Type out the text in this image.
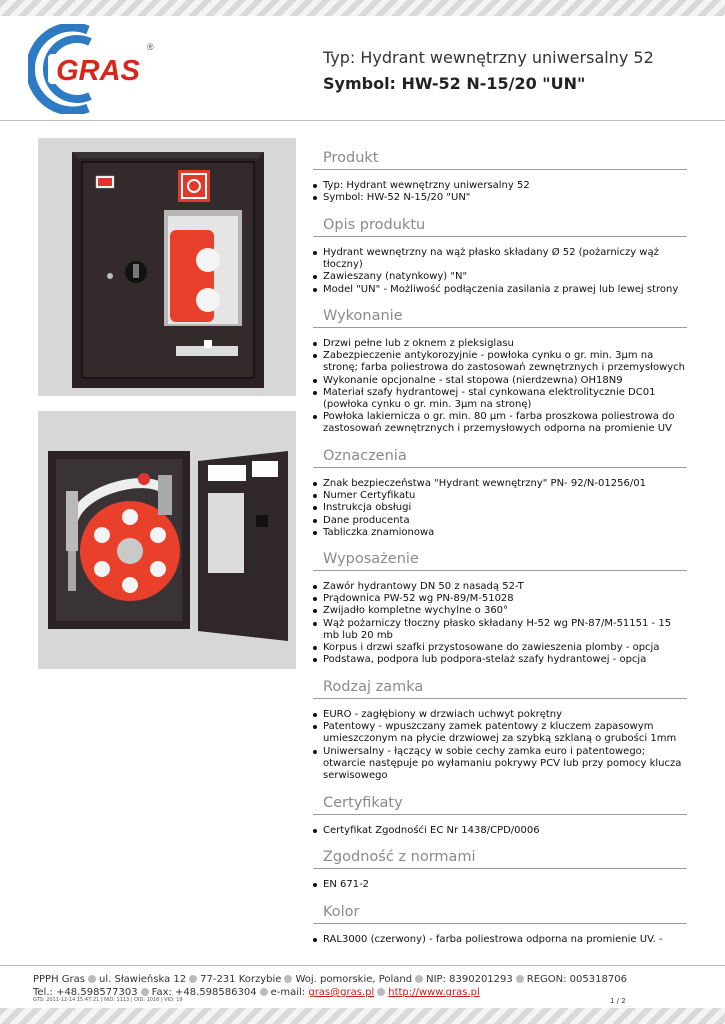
GRAS
®
Typ: Hydrant wewnętrzny uniwersalny 52
Symbol: HW-52 N-15/20 "UN"
Produkt
Typ: Hydrant wewnętrzny uniwersalny 52
Symbol: HW-52 N-15/20 "UN"
Opis produktu
Hydrant wewnętrzny na wąż płasko składany Ø 52 (pożarniczy wąż tłoczny)
Zawieszany (natynkowy) "N"
Model "UN" - Możliwość podłączenia zasilania z prawej lub lewej strony
Wykonanie
Drzwi pełne lub z oknem z pleksiglasu
Zabezpieczenie antykorozyjnie - powłoka cynku o gr. min. 3µm na stronę; farba poliestrowa do zastosowań zewnętrznych i przemysłowych
Wykonanie opcjonalne - stal stopowa (nierdzewna) OH18N9
Materiał szafy hydrantowej - stal cynkowana elektrolitycznie DC01 (powłoka cynku o gr. min. 3µm na stronę)
Powłoka lakiernicza o gr. min. 80 µm - farba proszkowa poliestrowa do zastosowań zewnętrznych i przemysłowych odporna na promienie UV
Oznaczenia
Znak bezpieczeństwa "Hydrant wewnętrzny" PN- 92/N-01256/01
Numer Certyfikatu
Instrukcja obsługi
Dane producenta
Tabliczka znamionowa
Wyposażenie
Zawór hydrantowy DN 50 z nasadą 52-T
Prądownica PW-52 wg PN-89/M-51028
Zwijadło kompletne wychylne o 360°
Wąż pożarniczy tłoczny płasko składany H-52 wg PN-87/M-51151 - 15 mb lub 20 mb
Korpus i drzwi szafki przystosowane do zawieszenia plomby - opcja
Podstawa, podpora lub podpora-stelaż szafy hydrantowej - opcja
Rodzaj zamka
EURO - zagłębiony w drzwiach uchwyt pokrętny
Patentowy - wpuszczany zamek patentowy z kluczem zapasowym umieszczonym na płycie drzwiowej za szybką szklaną o grubości 1mm
Uniwersalny - łączący w sobie cechy zamka euro i patentowego; otwarcie następuje po wyłamaniu pokrywy PCV lub przy pomocy klucza serwisowego
Certyfikaty
Certyfikat Zgodnośći EC Nr 1438/CPD/0006
Zgodność z normami
EN 671-2
Kolor
RAL3000 (czerwony) - farba poliestrowa odporna na promienie UV. -
PPPH Gras ul. Sławieńska 12 77-231 Korzybie Woj. pomorskie, Poland NIP: 8390201293 REGON: 005318706
Tel.: +48.598577303 Fax: +48.598586304 e-mail: gras@gras.pl http://www.gras.pl
GTS: 2011-12-14 15:47:21 | NID: 1113 | OID: 1016 | VID: 19	1 / 2
